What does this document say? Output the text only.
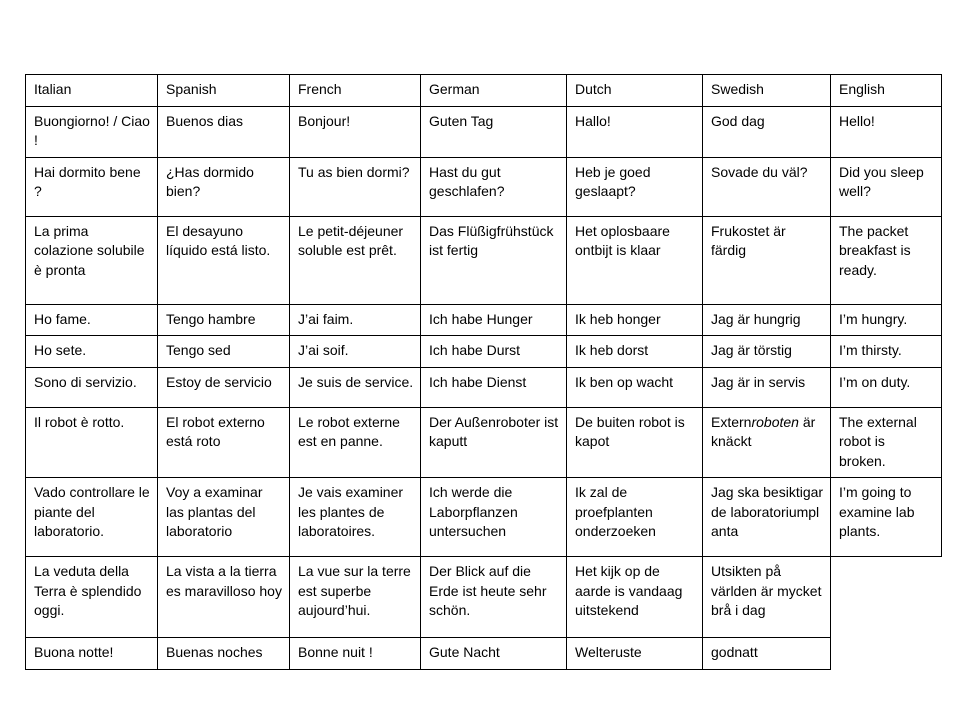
Italian	Spanish	French	German	Dutch	Swedish	English
Buongiorno! / Ciao !	Buenos dias	Bonjour!	Guten Tag	Hallo!	God dag	Hello!
Hai dormito bene ?	¿Has dormido bien?	Tu as bien dormi?	Hast du gut geschlafen?	Heb je goed geslaapt?	Sovade du väl?	Did you sleep well?
La prima colazione solubile è pronta	El desayuno líquido está listo.	Le petit-déjeuner soluble est prêt.	Das Flüßigfrühstück ist fertig	Het oplosbaare ontbijt is klaar	Frukostet är färdig	The packet breakfast is ready.
Ho fame.	Tengo hambre	J’ai faim.	Ich habe Hunger	Ik heb honger	Jag är hungrig	I’m hungry.
Ho sete.	Tengo sed	J’ai soif.	Ich habe Durst	Ik heb dorst	Jag är törstig	I’m thirsty.
Sono di servizio.	Estoy de servicio	Je suis de service.	Ich habe Dienst	Ik ben op wacht	Jag är in servis	I’m on duty.
Il robot è rotto.	El robot externo está roto	Le robot externe est en panne.	Der Außenroboter ist kaputt	De buiten robot is kapot	Externroboten är knäckt	The external robot is broken.
Vado controllare le piante del laboratorio.	Voy a examinar las plantas del laboratorio	Je vais examiner les plantes de laboratoires.	Ich werde die Laborpflanzen untersuchen	Ik zal de proefplanten onderzoeken	Jag ska besiktigar de laboratoriumpl anta	I’m going to examine lab plants.
La veduta della Terra è splendido oggi.	La vista a la tierra es maravilloso hoy	La vue sur la terre est superbe aujourd’hui.	Der Blick auf die Erde ist heute sehr schön.	Het kijk op de aarde is vandaag uitstekend	Utsikten på världen är mycket brå i dag	
Buona notte!	Buenas noches	Bonne nuit !	Gute Nacht	Welteruste	godnatt	
